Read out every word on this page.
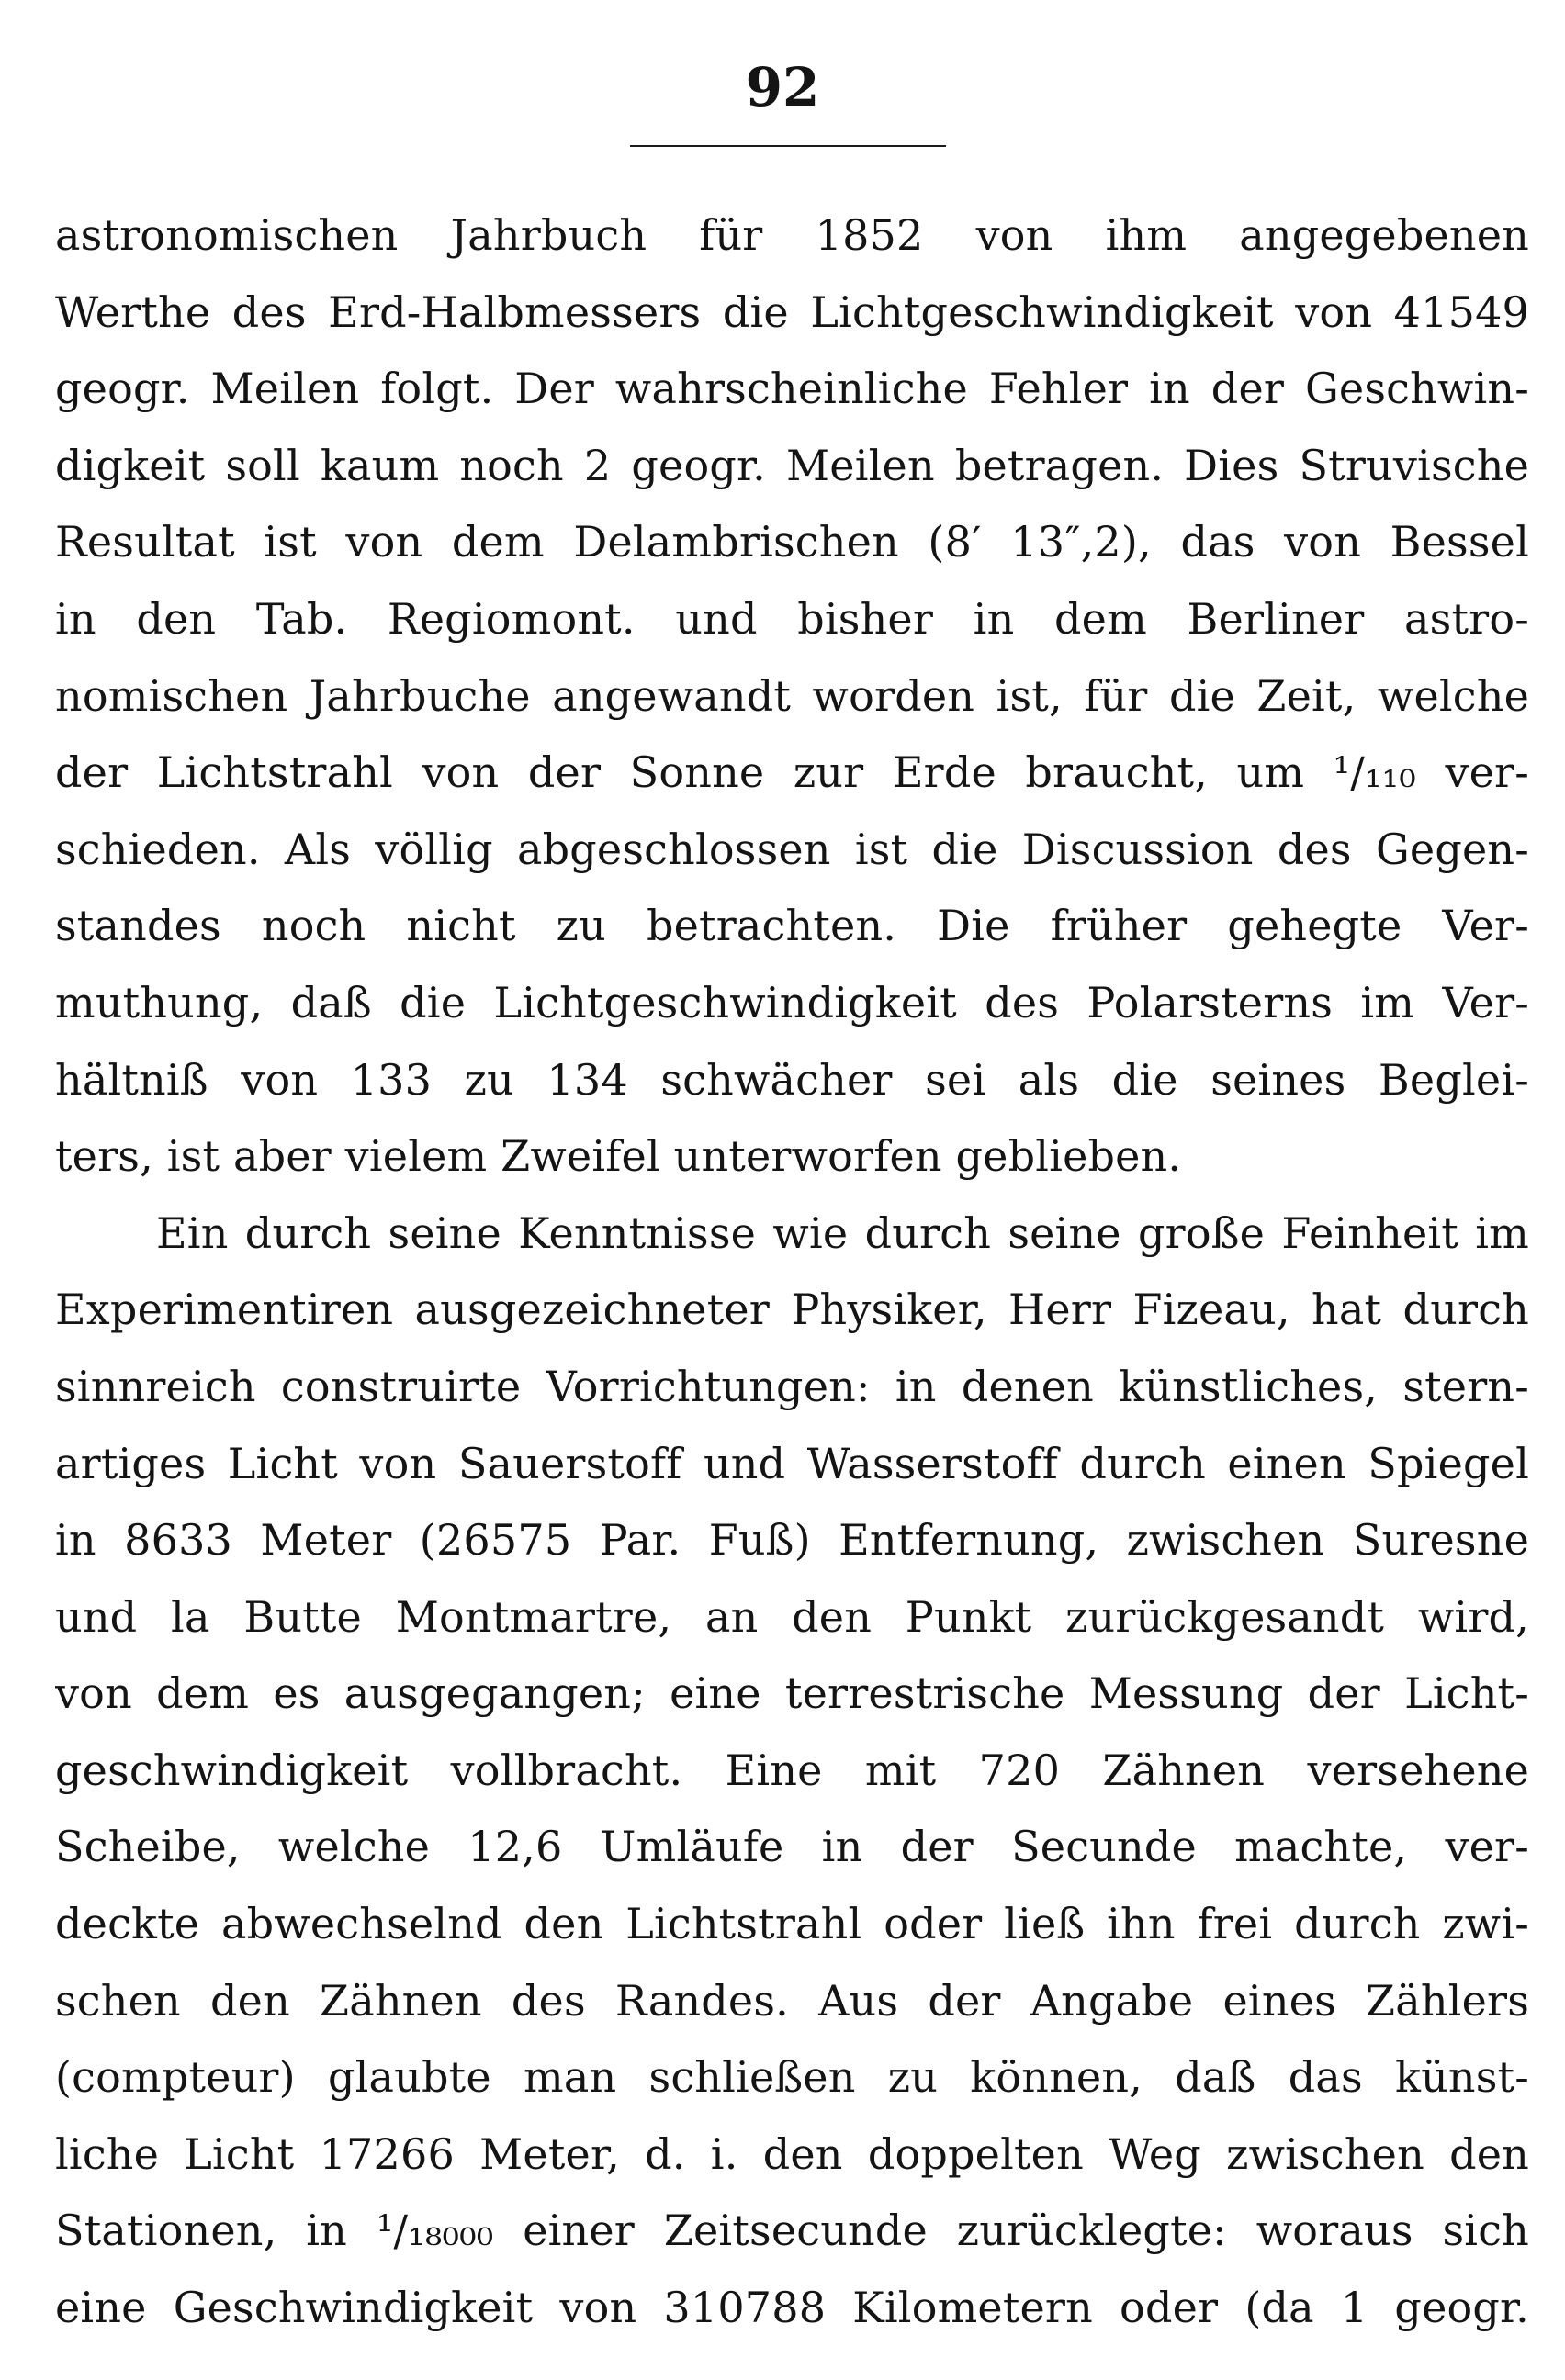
92
astronomischen Jahrbuch für 1852 von ihm angegebenen
Werthe des Erd-Halbmessers die Lichtgeschwindigkeit von 41549
geogr. Meilen folgt. Der wahrscheinliche Fehler in der Geschwin-
digkeit soll kaum noch 2 geogr. Meilen betragen. Dies Struvische
Resultat ist von dem Delambrischen (8′ 13″,2), das von Bessel
in den Tab. Regiomont. und bisher in dem Berliner astro-
nomischen Jahrbuche angewandt worden ist, für die Zeit, welche
der Lichtstrahl von der Sonne zur Erde braucht, um ¹/₁₁₀ ver-
schieden. Als völlig abgeschlossen ist die Discussion des Gegen-
standes noch nicht zu betrachten. Die früher gehegte Ver-
muthung, daß die Lichtgeschwindigkeit des Polarsterns im Ver-
hältniß von 133 zu 134 schwächer sei als die seines Beglei-
ters, ist aber vielem Zweifel unterworfen geblieben.
Ein durch seine Kenntnisse wie durch seine große Feinheit im
Experimentiren ausgezeichneter Physiker, Herr Fizeau, hat durch
sinnreich construirte Vorrichtungen: in denen künstliches, stern-
artiges Licht von Sauerstoff und Wasserstoff durch einen Spiegel
in 8633 Meter (26575 Par. Fuß) Entfernung, zwischen Suresne
und la Butte Montmartre, an den Punkt zurückgesandt wird,
von dem es ausgegangen; eine terrestrische Messung der Licht-
geschwindigkeit vollbracht. Eine mit 720 Zähnen versehene
Scheibe, welche 12,6 Umläufe in der Secunde machte, ver-
deckte abwechselnd den Lichtstrahl oder ließ ihn frei durch zwi-
schen den Zähnen des Randes. Aus der Angabe eines Zählers
(compteur) glaubte man schließen zu können, daß das künst-
liche Licht 17266 Meter, d. i. den doppelten Weg zwischen den
Stationen, in ¹/₁₈₀₀₀ einer Zeitsecunde zurücklegte: woraus sich
eine Geschwindigkeit von 310788 Kilometern oder (da 1 geogr.
